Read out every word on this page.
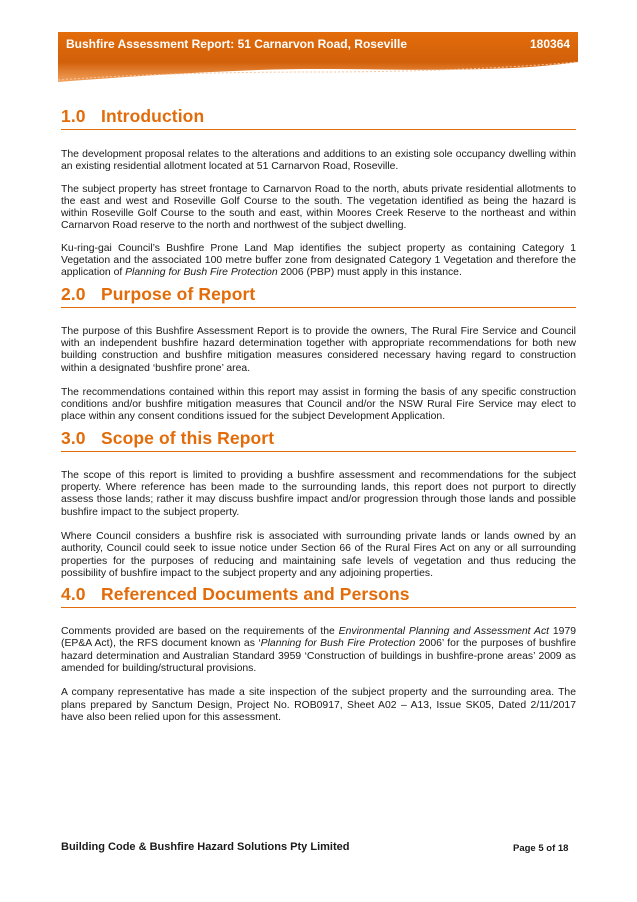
Bushfire Assessment Report: 51 Carnarvon Road, Roseville	180364
1.0 Introduction

The development proposal relates to the alterations and additions to an existing sole occupancy dwelling within an existing residential allotment located at 51 Carnarvon Road, Roseville.

The subject property has street frontage to Carnarvon Road to the north, abuts private residential allotments to the east and west and Roseville Golf Course to the south. The vegetation identified as being the hazard is within Roseville Golf Course to the south and east, within Moores Creek Reserve to the northeast and within Carnarvon Road reserve to the north and northwest of the subject dwelling.

Ku-ring-gai Council’s Bushfire Prone Land Map identifies the subject property as containing Category 1 Vegetation and the associated 100 metre buffer zone from designated Category 1 Vegetation and therefore the application of Planning for Bush Fire Protection 2006 (PBP) must apply in this instance.

2.0 Purpose of Report

The purpose of this Bushfire Assessment Report is to provide the owners, The Rural Fire Service and Council with an independent bushfire hazard determination together with appropriate recommendations for both new building construction and bushfire mitigation measures considered necessary having regard to construction within a designated ‘bushfire prone’ area.

The recommendations contained within this report may assist in forming the basis of any specific construction conditions and/or bushfire mitigation measures that Council and/or the NSW Rural Fire Service may elect to place within any consent conditions issued for the subject Development Application.

3.0 Scope of this Report

The scope of this report is limited to providing a bushfire assessment and recommendations for the subject property. Where reference has been made to the surrounding lands, this report does not purport to directly assess those lands; rather it may discuss bushfire impact and/or progression through those lands and possible bushfire impact to the subject property.

Where Council considers a bushfire risk is associated with surrounding private lands or lands owned by an authority, Council could seek to issue notice under Section 66 of the Rural Fires Act on any or all surrounding properties for the purposes of reducing and maintaining safe levels of vegetation and thus reducing the possibility of bushfire impact to the subject property and any adjoining properties.

4.0 Referenced Documents and Persons

Comments provided are based on the requirements of the Environmental Planning and Assessment Act 1979 (EP&A Act), the RFS document known as ‘Planning for Bush Fire Protection 2006’ for the purposes of bushfire hazard determination and Australian Standard 3959 ‘Construction of buildings in bushfire-prone areas’ 2009 as amended for building/structural provisions.

A company representative has made a site inspection of the subject property and the surrounding area. The plans prepared by Sanctum Design, Project No. ROB0917, Sheet A02 – A13, Issue SK05, Dated 2/11/2017 have also been relied upon for this assessment.

Building Code & Bushfire Hazard Solutions Pty Limited	Page 5 of 18
